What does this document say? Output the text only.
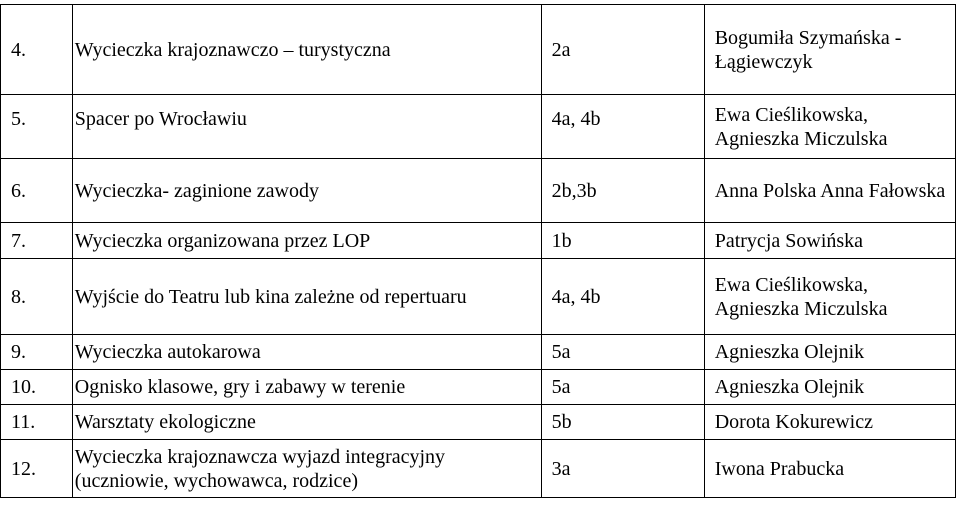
4.	Wycieczka krajoznawczo – turystyczna	2a	Bogumiła Szymańska - Łągiewczyk
5.	Spacer po Wrocławiu	4a, 4b	Ewa Cieślikowska, Agnieszka Miczulska
6.	Wycieczka- zaginione zawody	2b,3b	Anna Polska Anna Fałowska
7.	Wycieczka organizowana przez LOP	1b	Patrycja Sowińska
8.	Wyjście do Teatru lub kina zależne od repertuaru	4a, 4b	Ewa Cieślikowska, Agnieszka Miczulska
9.	Wycieczka autokarowa	5a	Agnieszka Olejnik
10.	Ognisko klasowe, gry i zabawy w terenie	5a	Agnieszka Olejnik
11.	Warsztaty ekologiczne	5b	Dorota Kokurewicz
12.	Wycieczka krajoznawcza wyjazd integracyjny (uczniowie, wychowawca, rodzice)	3a	Iwona Prabucka
